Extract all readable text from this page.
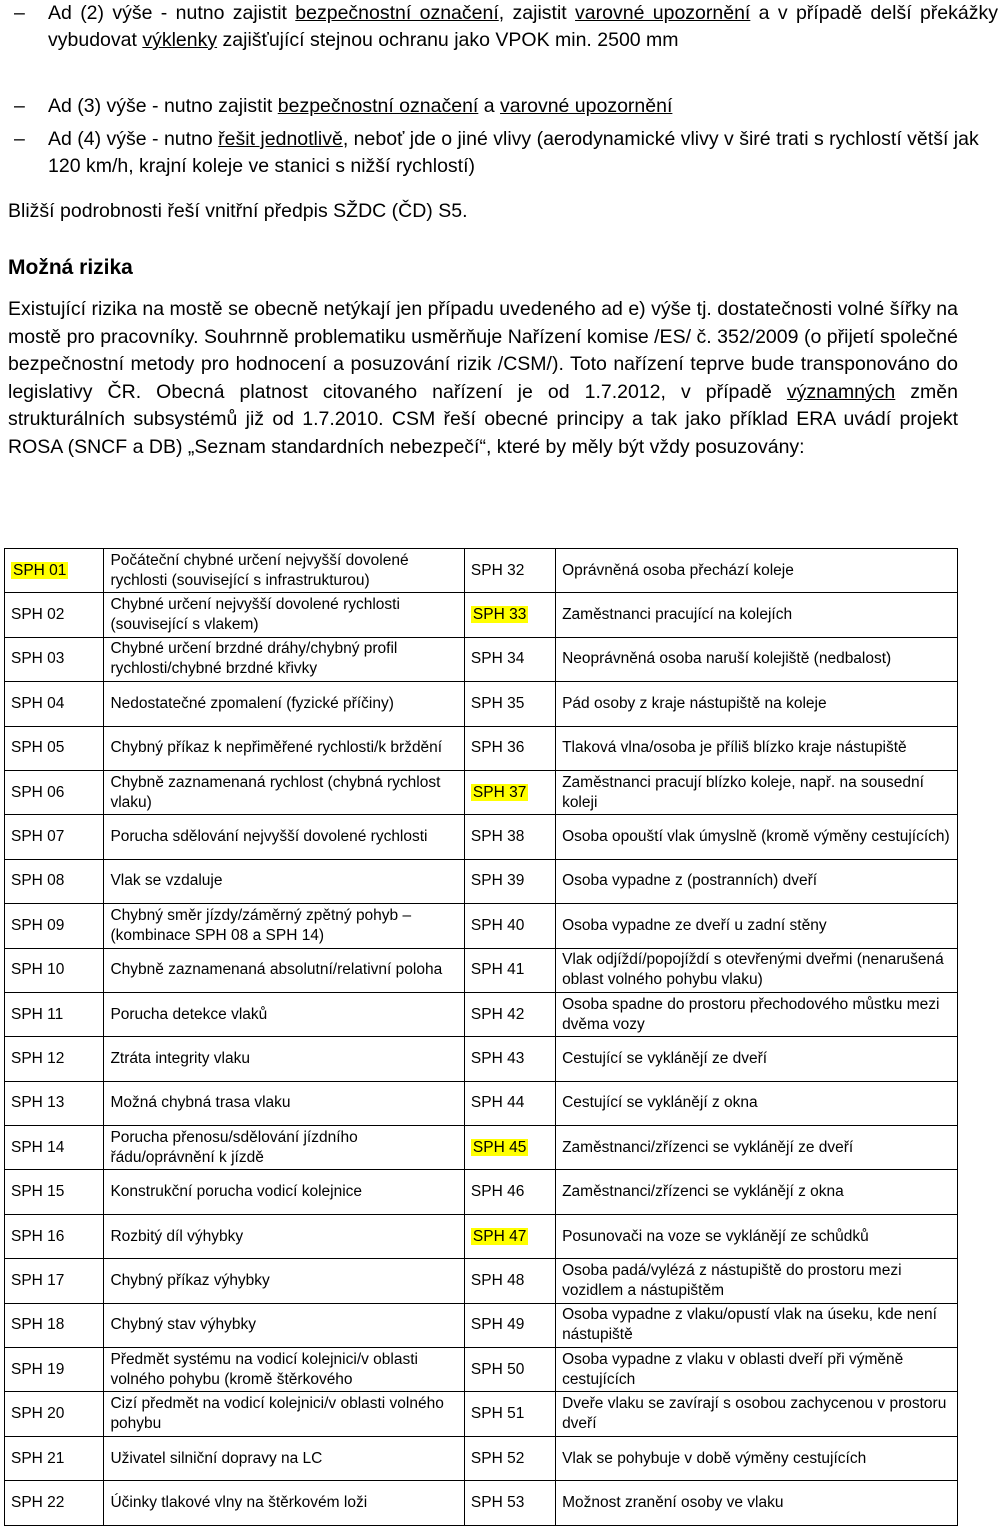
–	Ad (2) výše - nutno zajistit bezpečnostní označení, zajistit varovné upozornění a v případě delší překážky vybudovat výklenky zajišťující stejnou ochranu jako VPOK min. 2500 mm
–	Ad (3) výše - nutno zajistit bezpečnostní označení a varovné upozornění
–	Ad (4) výše - nutno řešit jednotlivě, neboť jde o jiné vlivy (aerodynamické vlivy v širé trati s rychlostí větší jak 120 km/h, krajní koleje ve stanici s nižší rychlostí)
Bližší podrobnosti řeší vnitřní předpis SŽDC (ČD) S5.
Možná rizika
Existující rizika na mostě se obecně netýkají jen případu uvedeného ad e) výše tj. dostatečnosti volné šířky na mostě pro pracovníky. Souhrnně problematiku usměrňuje Nařízení komise /ES/ č. 352/2009 (o přijetí společné bezpečnostní metody pro hodnocení a posuzování rizik /CSM/). Toto nařízení teprve bude transponováno do legislativy ČR. Obecná platnost citovaného nařízení je od 1.7.2012, v případě významných změn strukturálních subsystémů již od 1.7.2010. CSM řeší obecné principy a tak jako příklad ERA uvádí projekt ROSA (SNCF a DB) „Seznam standardních nebezpečí“, které by měly být vždy posuzovány:
SPH 01	Počáteční chybné určení nejvyšší dovolené rychlosti (související s infrastrukturou)	SPH 32	Oprávněná osoba přechází koleje
SPH 02	Chybné určení nejvyšší dovolené rychlosti (související s vlakem)	SPH 33	Zaměstnanci pracující na kolejích
SPH 03	Chybné určení brzdné dráhy/chybný profil rychlosti/chybné brzdné křivky	SPH 34	Neoprávněná osoba naruší kolejiště (nedbalost)
SPH 04	Nedostatečné zpomalení (fyzické příčiny)	SPH 35	Pád osoby z kraje nástupiště na koleje
SPH 05	Chybný příkaz k nepřiměřené rychlosti/k brždění	SPH 36	Tlaková vlna/osoba je příliš blízko kraje nástupiště
SPH 06	Chybně zaznamenaná rychlost (chybná rychlost vlaku)	SPH 37	Zaměstnanci pracují blízko koleje, např. na sousední koleji
SPH 07	Porucha sdělování nejvyšší dovolené rychlosti	SPH 38	Osoba opouští vlak úmyslně (kromě výměny cestujících)
SPH 08	Vlak se vzdaluje	SPH 39	Osoba vypadne z (postranních) dveří
SPH 09	Chybný směr jízdy/záměrný zpětný pohyb – (kombinace SPH 08 a SPH 14)	SPH 40	Osoba vypadne ze dveří u zadní stěny
SPH 10	Chybně zaznamenaná absolutní/relativní poloha	SPH 41	Vlak odjíždí/popojíždí s otevřenými dveřmi (nenarušená oblast volného pohybu vlaku)
SPH 11	Porucha detekce vlaků	SPH 42	Osoba spadne do prostoru přechodového můstku mezi dvěma vozy
SPH 12	Ztráta integrity vlaku	SPH 43	Cestující se vyklánějí ze dveří
SPH 13	Možná chybná trasa vlaku	SPH 44	Cestující se vyklánějí z okna
SPH 14	Porucha přenosu/sdělování jízdního řádu/oprávnění k jízdě	SPH 45	Zaměstnanci/zřízenci se vyklánějí ze dveří
SPH 15	Konstrukční porucha vodicí kolejnice	SPH 46	Zaměstnanci/zřízenci se vyklánějí z okna
SPH 16	Rozbitý díl výhybky	SPH 47	Posunovači na voze se vyklánějí ze schůdků
SPH 17	Chybný příkaz výhybky	SPH 48	Osoba padá/vylézá z nástupiště do prostoru mezi vozidlem a nástupištěm
SPH 18	Chybný stav výhybky	SPH 49	Osoba vypadne z vlaku/opustí vlak na úseku, kde není nástupiště
SPH 19	Předmět systému na vodicí kolejnici/v oblasti volného pohybu (kromě štěrkového	SPH 50	Osoba vypadne z vlaku v oblasti dveří při výměně cestujících
SPH 20	Cizí předmět na vodicí kolejnici/v oblasti volného pohybu	SPH 51	Dveře vlaku se zavírají s osobou zachycenou v prostoru dveří
SPH 21	Uživatel silniční dopravy na LC	SPH 52	Vlak se pohybuje v době výměny cestujících
SPH 22	Účinky tlakové vlny na štěrkovém loži	SPH 53	Možnost zranění osoby ve vlaku
